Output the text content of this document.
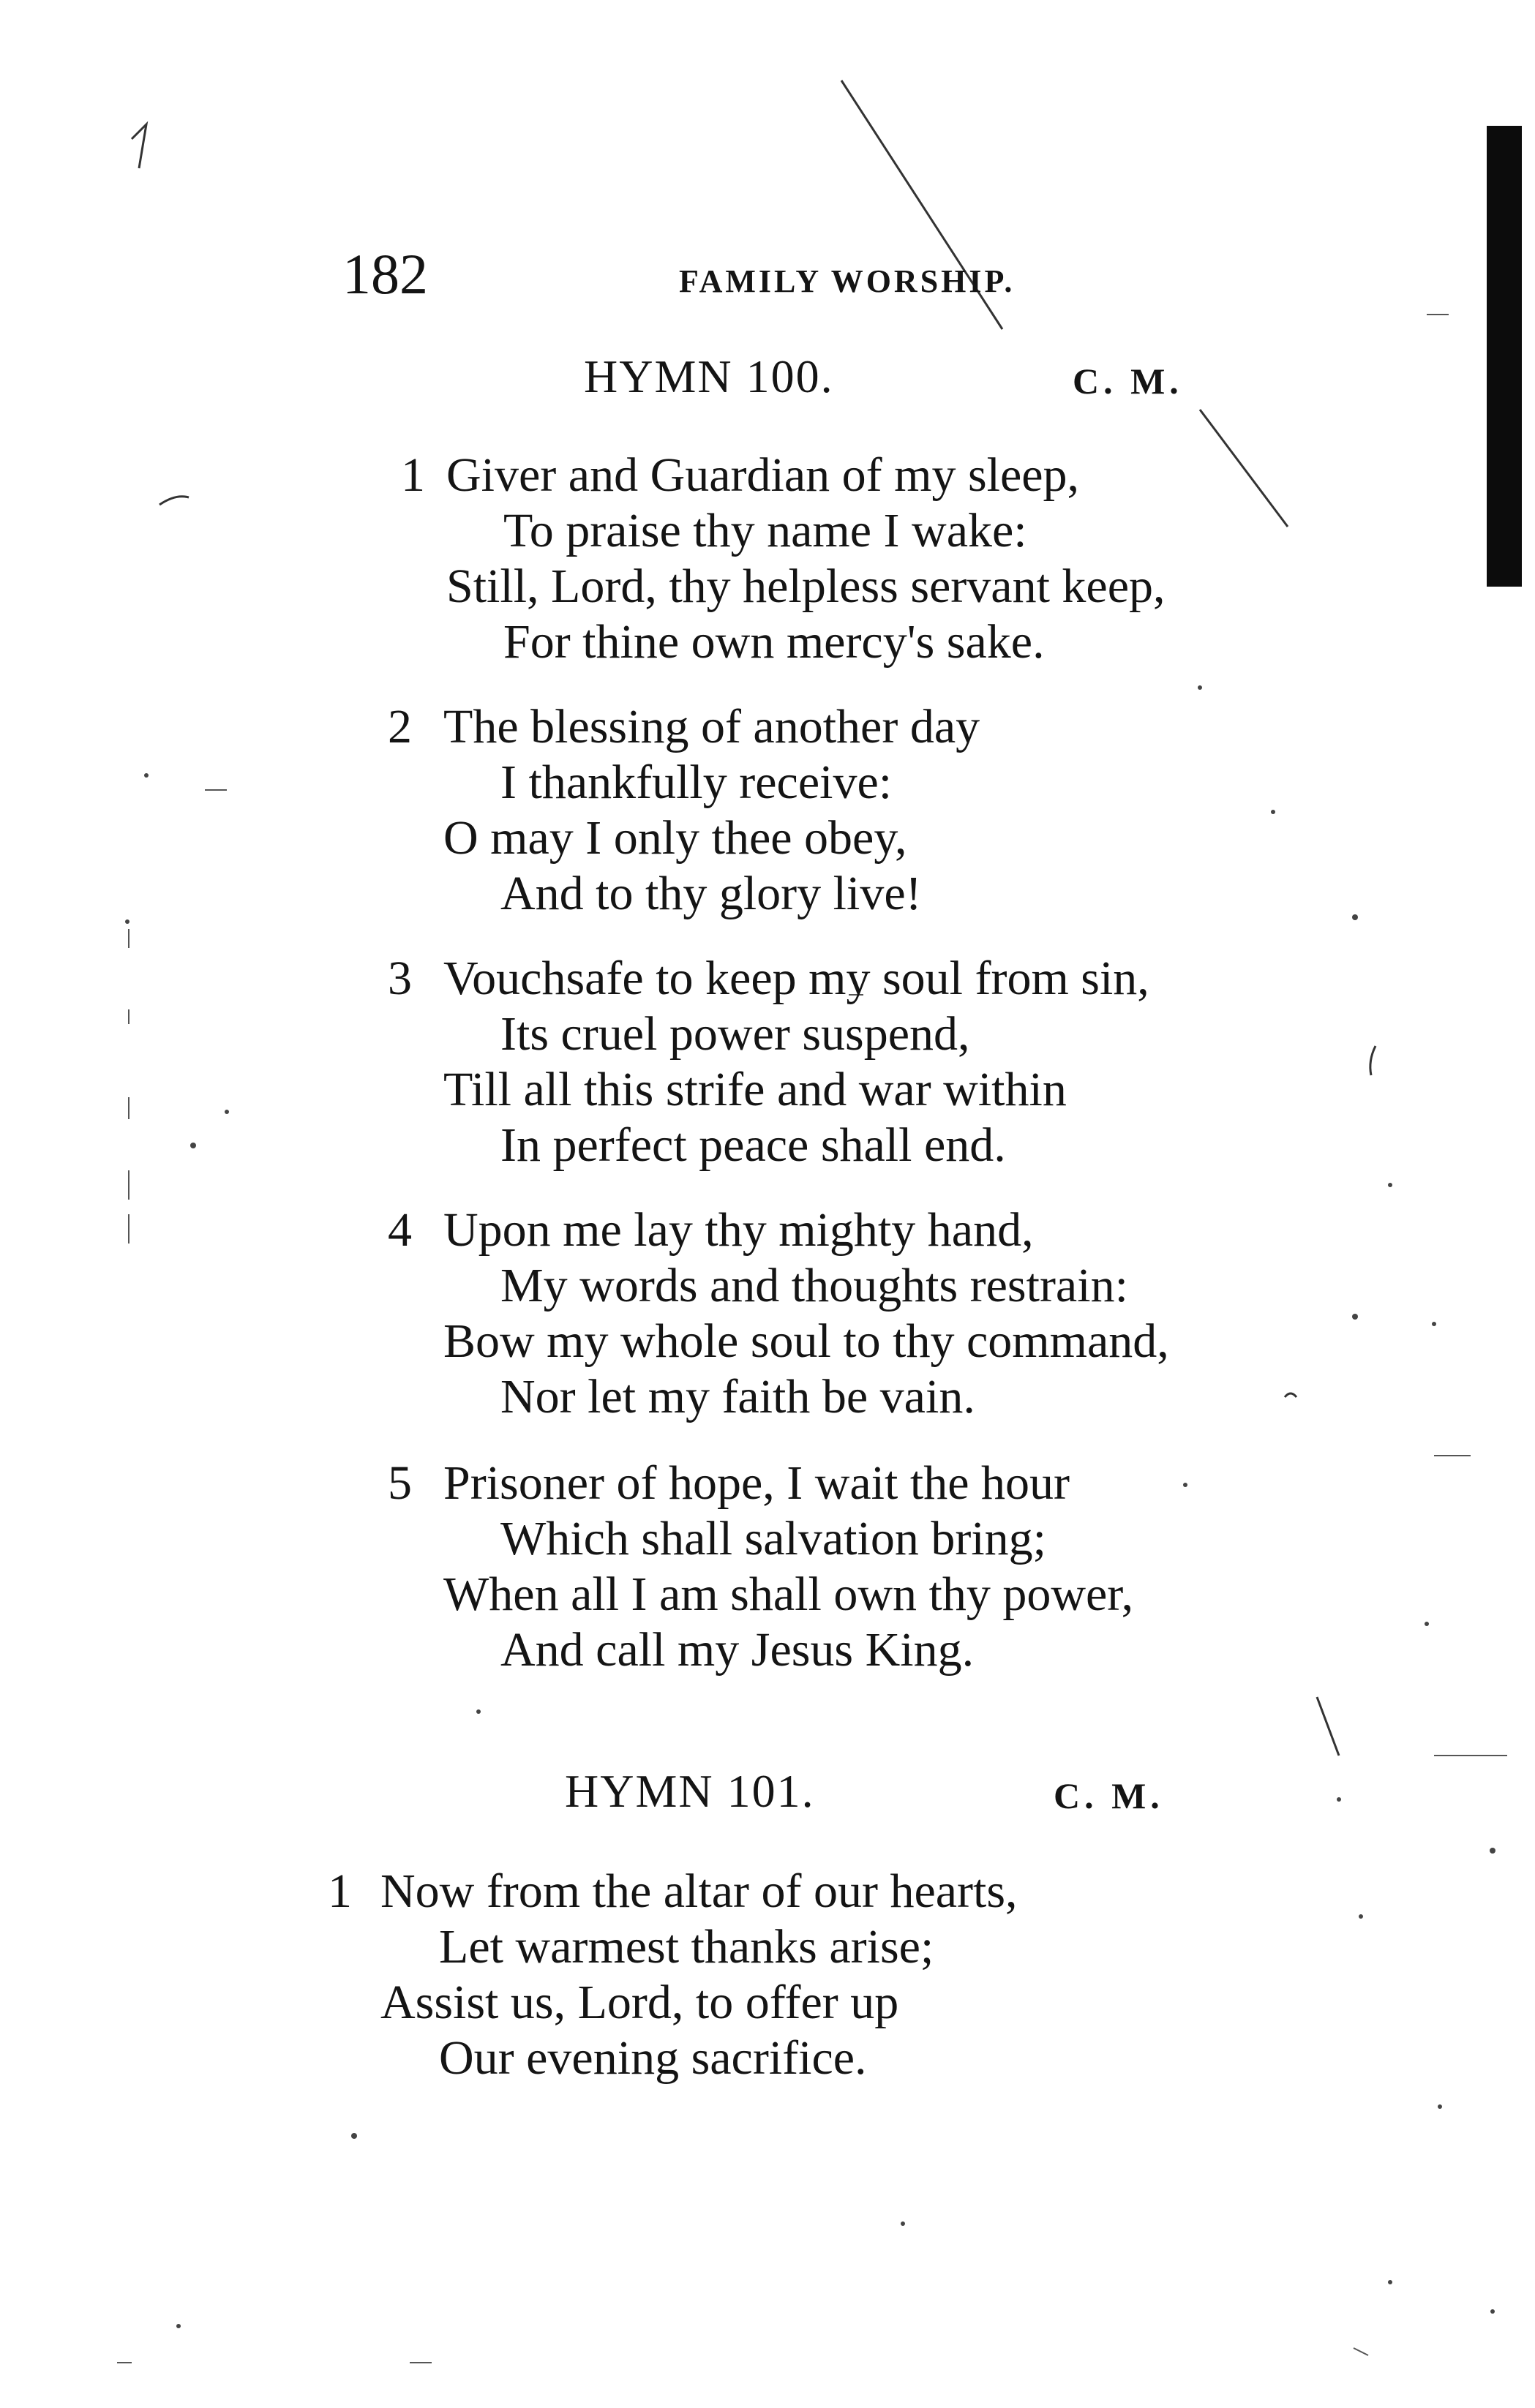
182	FAMILY WORSHIP.
HYMN 100.	C. M.
1 Giver and Guardian of my sleep,
To praise thy name I wake:
Still, Lord, thy helpless servant keep,
For thine own mercy's sake.
2 The blessing of another day
I thankfully receive:
O may I only thee obey,
And to thy glory live!
3 Vouchsafe to keep my soul from sin,
Its cruel power suspend,
Till all this strife and war within
In perfect peace shall end.
4 Upon me lay thy mighty hand,
My words and thoughts restrain:
Bow my whole soul to thy command,
Nor let my faith be vain.
5 Prisoner of hope, I wait the hour
Which shall salvation bring;
When all I am shall own thy power,
And call my Jesus King.
HYMN 101.	C. M.
1 Now from the altar of our hearts,
Let warmest thanks arise;
Assist us, Lord, to offer up
Our evening sacrifice.
